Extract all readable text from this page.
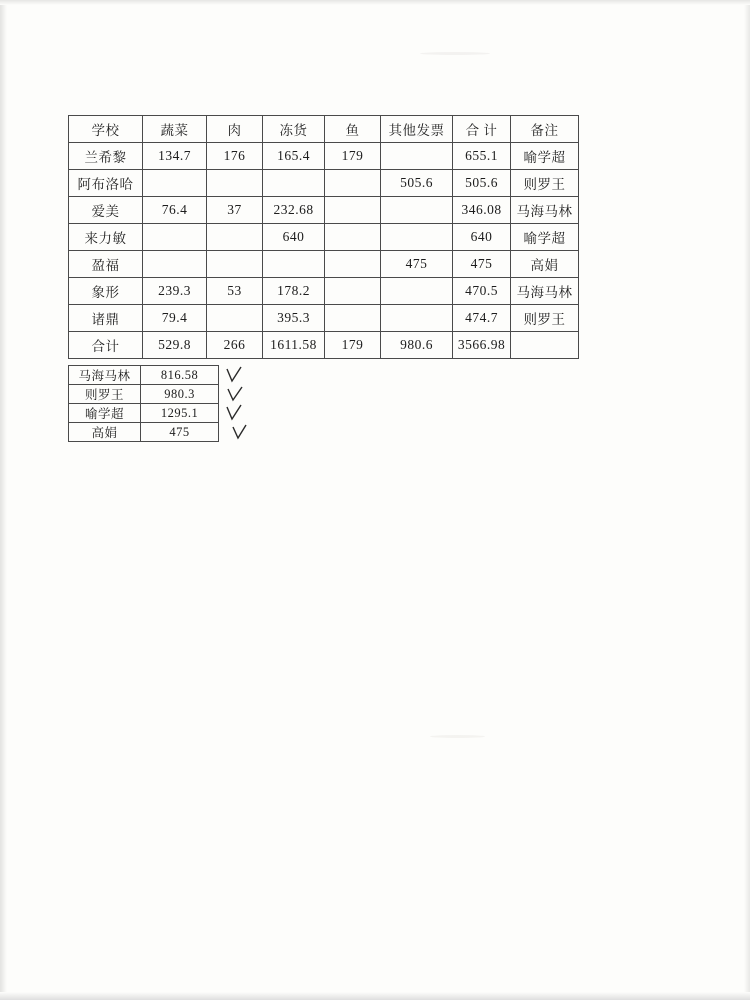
学校	蔬菜	肉	冻货	鱼	其他发票	合 计	备注
兰希黎	134.7	176	165.4	179		655.1	喻学超
阿布洛哈					505.6	505.6	则罗王
爱美	76.4	37	232.68			346.08	马海马林
来力敏			640			640	喻学超
盈福					475	475	高娟
象形	239.3	53	178.2			470.5	马海马林
诸鼎	79.4		395.3			474.7	则罗王
合计	529.8	266	1611.58	179	980.6	3566.98	
马海马林	816.58
则罗王	980.3
喻学超	1295.1
高娟	475
